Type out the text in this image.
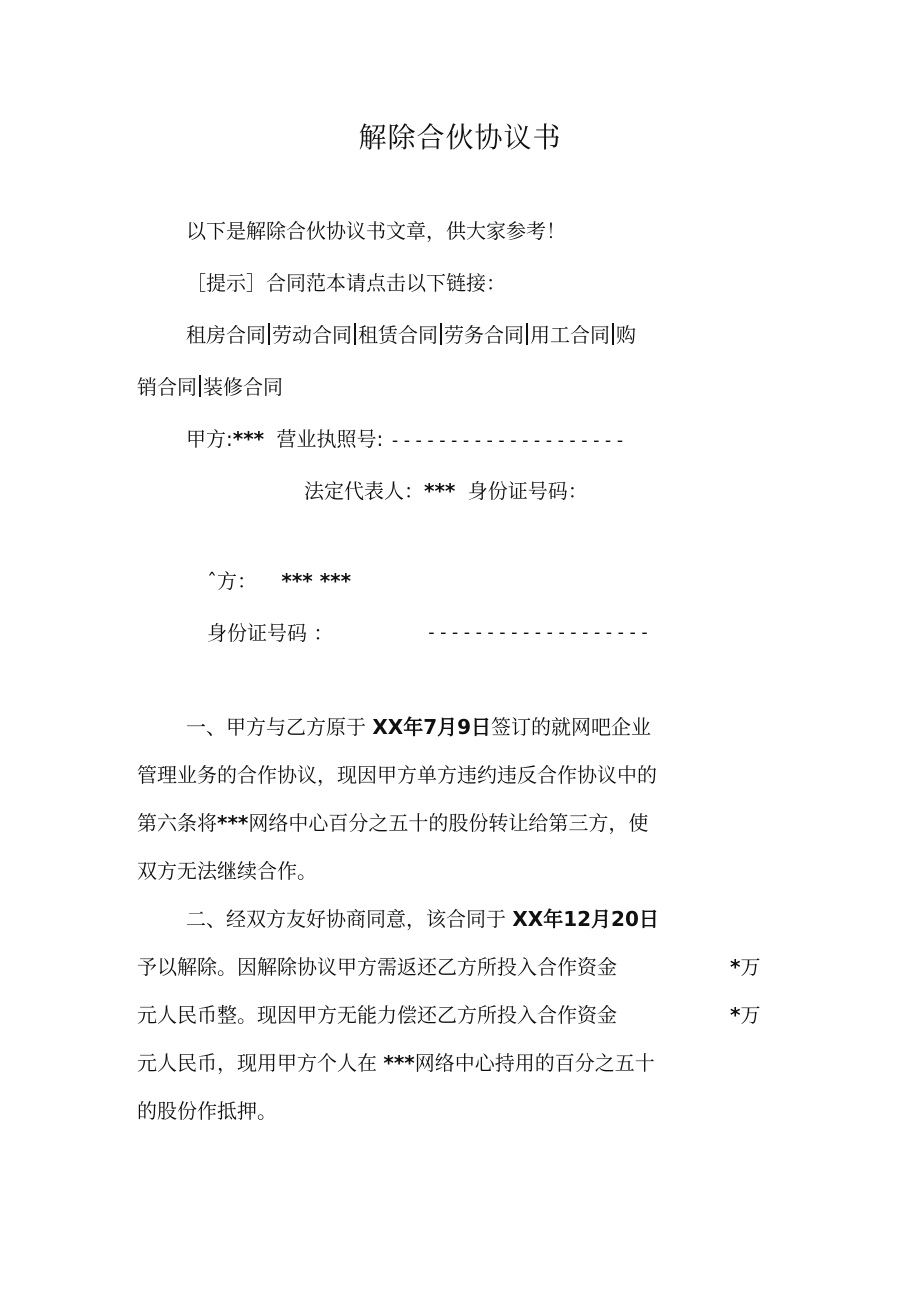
解除合伙协议书
以下是解除合伙协议书文章，供大家参考！
［提示］合同范本请点击以下链接：
租房合同 劳动合同 租赁合同 劳务合同 用工合同 购
销合同 装修合同
甲方:*** 营业执照号: --------------------
法定代表人：*** 身份证号码：
ˆ方： *** ***
身份证号码 ：	-------------------
一、甲方与乙方原于 XX年7月9日签订的就网吧企业
管理业务的合作协议，现因甲方单方违约违反合作协议中的
第六条将***网络中心百分之五十的股份转让给第三方，使
双方无法继续合作。
二、经双方友好协商同意，该合同于 XX年12月20日
予以解除。因解除协议甲方需返还乙方所投入合作资金	*万
元人民币整。现因甲方无能力偿还乙方所投入合作资金	*万
元人民币，现用甲方个人在 ***网络中心持用的百分之五十
的股份作抵押。
